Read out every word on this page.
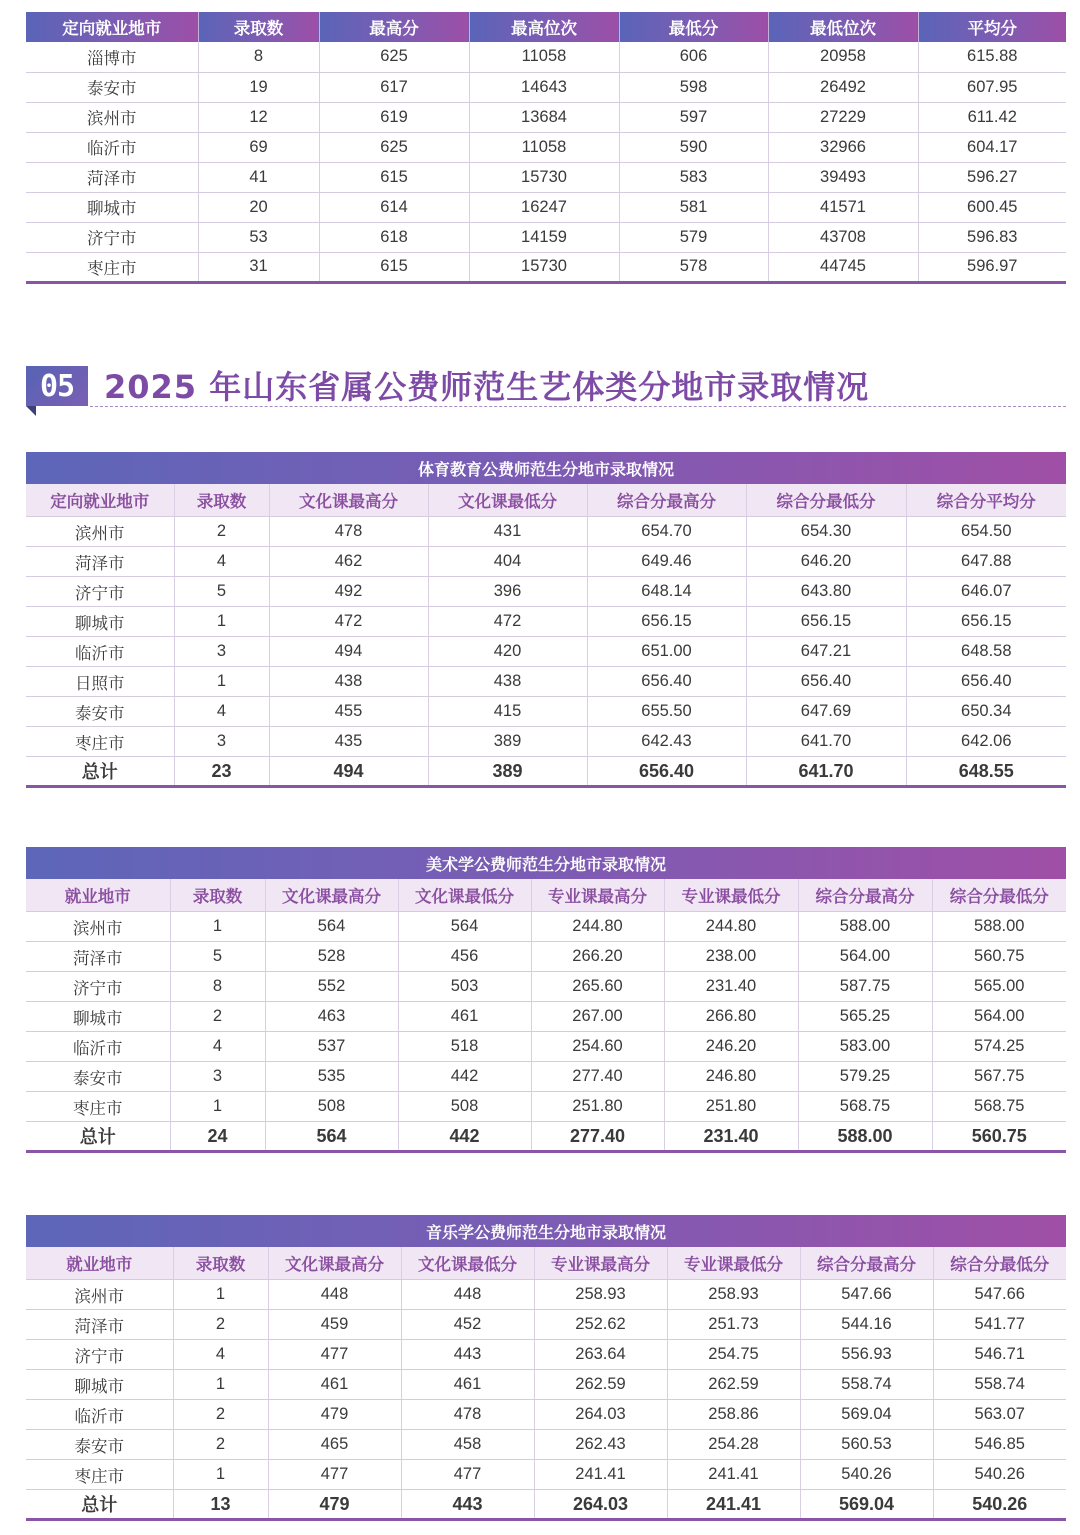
定向就业地市	录取数	最高分	最高位次	最低分	最低位次	平均分
淄博市	8	625	11058	606	20958	615.88
泰安市	19	617	14643	598	26492	607.95
滨州市	12	619	13684	597	27229	611.42
临沂市	69	625	11058	590	32966	604.17
菏泽市	41	615	15730	583	39493	596.27
聊城市	20	614	16247	581	41571	600.45
济宁市	53	618	14159	579	43708	596.83
枣庄市	31	615	15730	578	44745	596.97
05 2025 年山东省属公费师范生艺体类分地市录取情况
体育教育公费师范生分地市录取情况						
定向就业地市	录取数	文化课最高分	文化课最低分	综合分最高分	综合分最低分	综合分平均分
滨州市	2	478	431	654.70	654.30	654.50
菏泽市	4	462	404	649.46	646.20	647.88
济宁市	5	492	396	648.14	643.80	646.07
聊城市	1	472	472	656.15	656.15	656.15
临沂市	3	494	420	651.00	647.21	648.58
日照市	1	438	438	656.40	656.40	656.40
泰安市	4	455	415	655.50	647.69	650.34
枣庄市	3	435	389	642.43	641.70	642.06
总计	23	494	389	656.40	641.70	648.55
美术学公费师范生分地市录取情况							
就业地市	录取数	文化课最高分	文化课最低分	专业课最高分	专业课最低分	综合分最高分	综合分最低分
滨州市	1	564	564	244.80	244.80	588.00	588.00
菏泽市	5	528	456	266.20	238.00	564.00	560.75
济宁市	8	552	503	265.60	231.40	587.75	565.00
聊城市	2	463	461	267.00	266.80	565.25	564.00
临沂市	4	537	518	254.60	246.20	583.00	574.25
泰安市	3	535	442	277.40	246.80	579.25	567.75
枣庄市	1	508	508	251.80	251.80	568.75	568.75
总计	24	564	442	277.40	231.40	588.00	560.75
音乐学公费师范生分地市录取情况							
就业地市	录取数	文化课最高分	文化课最低分	专业课最高分	专业课最低分	综合分最高分	综合分最低分
滨州市	1	448	448	258.93	258.93	547.66	547.66
菏泽市	2	459	452	252.62	251.73	544.16	541.77
济宁市	4	477	443	263.64	254.75	556.93	546.71
聊城市	1	461	461	262.59	262.59	558.74	558.74
临沂市	2	479	478	264.03	258.86	569.04	563.07
泰安市	2	465	458	262.43	254.28	560.53	546.85
枣庄市	1	477	477	241.41	241.41	540.26	540.26
总计	13	479	443	264.03	241.41	569.04	540.26
